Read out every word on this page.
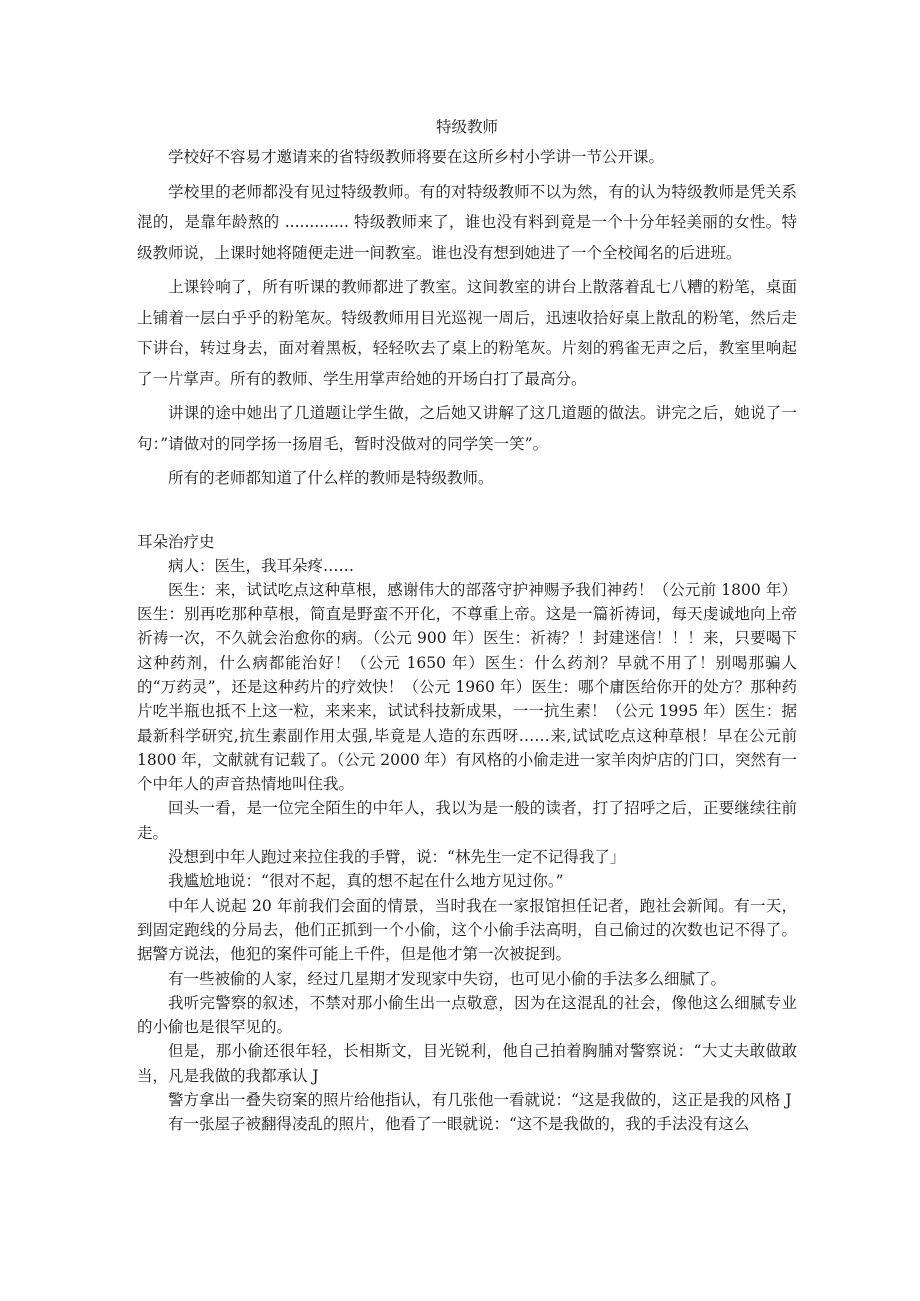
特级教师

学校好不容易才邀请来的省特级教师将要在这所乡村小学讲一节公开课。

学校里的老师都没有见过特级教师。有的对特级教师不以为然，有的认为特级教师是凭关系混的，是靠年龄熬的 ............. 特级教师来了，谁也没有料到竟是一个十分年轻美丽的女性。特级教师说，上课时她将随便走进一间教室。谁也没有想到她进了一个全校闻名的后进班。

上课铃响了，所有听课的教师都进了教室。这间教室的讲台上散落着乱七八糟的粉笔，桌面上铺着一层白乎乎的粉笔灰。特级教师用目光巡视一周后，迅速收拾好桌上散乱的粉笔，然后走下讲台，转过身去，面对着黑板，轻轻吹去了桌上的粉笔灰。片刻的鸦雀无声之后，教室里响起了一片掌声。所有的教师、学生用掌声给她的开场白打了最高分。

讲课的途中她出了几道题让学生做，之后她又讲解了这几道题的做法。讲完之后，她说了一句：”请做对的同学扬一扬眉毛，暂时没做对的同学笑一笑”。

所有的老师都知道了什么样的教师是特级教师。

耳朵治疗史

病人：医生，我耳朵疼……

医生：来，试试吃点这种草根，感谢伟大的部落守护神赐予我们神药！（公元前 1800 年）医生：别再吃那种草根，简直是野蛮不开化，不尊重上帝。这是一篇祈祷词，每天虔诚地向上帝祈祷一次，不久就会治愈你的病。（公元 900 年）医生：祈祷？！封建迷信！！！来，只要喝下这种药剂，什么病都能治好！（公元 1650 年）医生：什么药剂？早就不用了！别喝那骗人的“万药灵”，还是这种药片的疗效快！（公元 1960 年）医生：哪个庸医给你开的处方？那种药片吃半瓶也抵不上这一粒，来来来，试试科技新成果，一一抗生素！（公元 1995 年）医生：据最新科学研究,抗生素副作用太强,毕竟是人造的东西呀……来,试试吃点这种草根！早在公元前 1800 年，文献就有记载了。（公元 2000 年）有风格的小偷走进一家羊肉炉店的门口，突然有一个中年人的声音热情地叫住我。

回头一看，是一位完全陌生的中年人，我以为是一般的读者，打了招呼之后，正要继续往前走。

没想到中年人跑过来拉住我的手臂，说：“林先生一定不记得我了」

我尴尬地说：“很对不起，真的想不起在什么地方见过你。”

中年人说起 20 年前我们会面的情景，当时我在一家报馆担任记者，跑社会新闻。有一天，到固定跑线的分局去，他们正抓到一个小偷，这个小偷手法高明，自己偷过的次数也记不得了。据警方说法，他犯的案件可能上千件，但是他才第一次被捉到。

有一些被偷的人家，经过几星期才发现家中失窃，也可见小偷的手法多么细腻了。

我听完警察的叙述，不禁对那小偷生出一点敬意，因为在这混乱的社会，像他这么细腻专业的小偷也是很罕见的。

但是，那小偷还很年轻，长相斯文，目光锐利，他自己拍着胸脯对警察说：“大丈夫敢做敢当，凡是我做的我都承认 J

警方拿出一叠失窃案的照片给他指认，有几张他一看就说：“这是我做的，这正是我的风格 J

有一张屋子被翻得凌乱的照片，他看了一眼就说：“这不是我做的，我的手法没有这么
